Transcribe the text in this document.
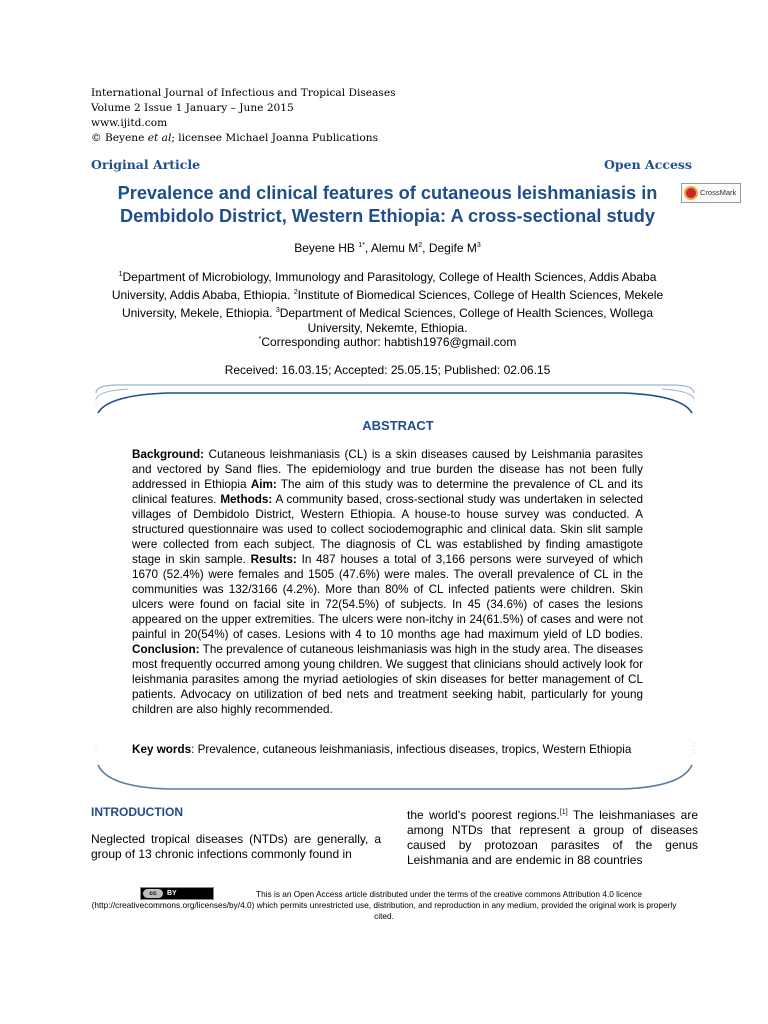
International Journal of Infectious and Tropical Diseases
Volume 2 Issue 1 January – June 2015
www.ijitd.com
© Beyene et al; licensee Michael Joanna Publications
Original Article	Open Access
Prevalence and clinical features of cutaneous leishmaniasis in Dembidolo District, Western Ethiopia: A cross-sectional study
CrossMark
Beyene HB $^{1*}$, Alemu $M^2$, Degife $M^3$
$^1$Department of Microbiology, Immunology and Parasitology, College of Health Sciences, Addis Ababa University, Addis Ababa, Ethiopia. $^2$Institute of Biomedical Sciences, College of Health Sciences, Mekele University, Mekele, Ethiopia. $^3$Department of Medical Sciences, College of Health Sciences, Wollega University, Nekemte, Ethiopia.
*Corresponding author: habtish1976@gmail.com
Received: 16.03.15; Accepted: 25.05.15; Published: 02.06.15
ABSTRACT
Background: Cutaneous leishmaniasis (CL) is a skin diseases caused by Leishmania parasites and vectored by Sand flies. The epidemiology and true burden the disease has not been fully addressed in Ethiopia Aim: The aim of this study was to determine the prevalence of CL and its clinical features. Methods: A community based, cross-sectional study was undertaken in selected villages of Dembidolo District, Western Ethiopia. A house-to house survey was conducted. A structured questionnaire was used to collect sociodemographic and clinical data. Skin slit sample were collected from each subject. The diagnosis of CL was established by finding amastigote stage in skin sample. Results: In 487 houses a total of 3,166 persons were surveyed of which 1670 (52.4%) were females and 1505 (47.6%) were males. The overall prevalence of CL in the communities was 132/3166 (4.2%). More than 80% of CL infected patients were children. Skin ulcers were found on facial site in 72(54.5%) of subjects. In 45 (34.6%) of cases the lesions appeared on the upper extremities. The ulcers were non-itchy in 24(61.5%) of cases and were not painful in 20(54%) of cases. Lesions with 4 to 10 months age had maximum yield of LD bodies. Conclusion: The prevalence of cutaneous leishmaniasis was high in the study area. The diseases most frequently occurred among young children. We suggest that clinicians should actively look for leishmania parasites among the myriad aetiologies of skin diseases for better management of CL patients. Advocacy on utilization of bed nets and treatment seeking habit, particularly for young children are also highly recommended.
Key words: Prevalence, cutaneous leishmaniasis, infectious diseases, tropics, Western Ethiopia
INTRODUCTION
Neglected tropical diseases (NTDs) are generally, a group of 13 chronic infections commonly found in
the world's poorest regions.[1] The leishmaniases are among NTDs that represent a group of diseases caused by protozoan parasites of the genus Leishmania and are endemic in 88 countries
cc	BY	This is an Open Access article distributed under the terms of the creative commons Attribution 4.0 licence (http://creativecommons.org/licenses/by/4.0) which permits unrestricted use, distribution, and reproduction in any medium, provided the original work is properly cited.
